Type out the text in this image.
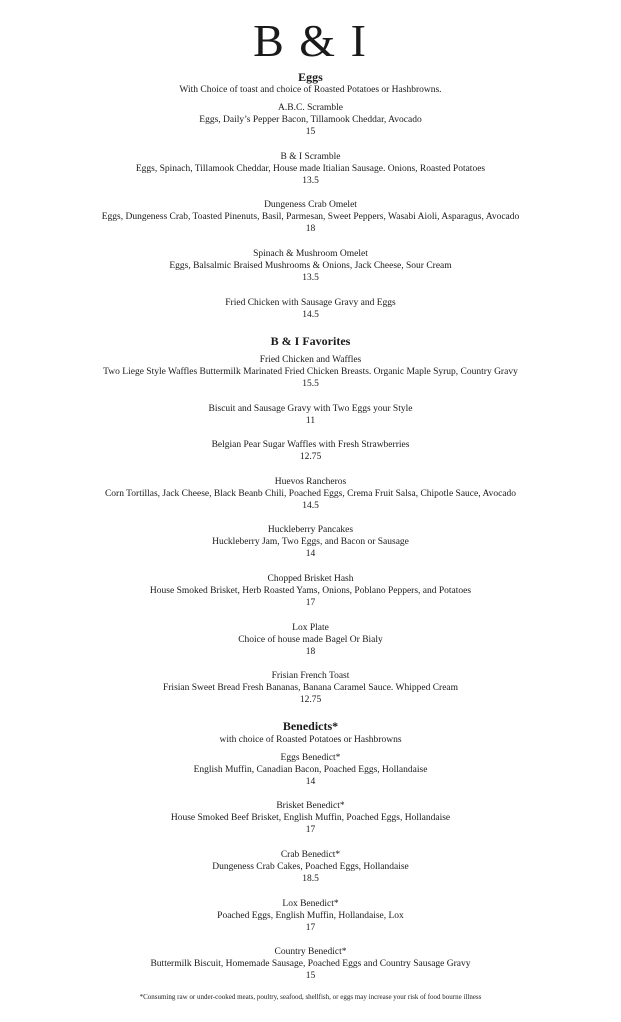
B & I
Eggs
With Choice of toast and choice of Roasted Potatoes or Hashbrowns.
A.B.C. Scramble
Eggs, Daily’s Pepper Bacon, Tillamook Cheddar, Avocado
15
B & I Scramble
Eggs, Spinach, Tillamook Cheddar, House made Itialian Sausage. Onions, Roasted Potatoes
13.5
Dungeness Crab Omelet
Eggs, Dungeness Crab, Toasted Pinenuts, Basil, Parmesan, Sweet Peppers, Wasabi Aioli, Asparagus, Avocado
18
Spinach & Mushroom Omelet
Eggs, Balsalmic Braised Mushrooms & Onions, Jack Cheese, Sour Cream
13.5
Fried Chicken with Sausage Gravy and Eggs
14.5
B & I Favorites
Fried Chicken and Waffles
Two Liege Style Waffles Buttermilk Marinated Fried Chicken Breasts. Organic Maple Syrup, Country Gravy
15.5
Biscuit and Sausage Gravy with Two Eggs your Style
11
Belgian Pear Sugar Waffles with Fresh Strawberries
12.75
Huevos Rancheros
Corn Tortillas, Jack Cheese, Black Beanb Chili, Poached Eggs, Crema Fruit Salsa, Chipotle Sauce, Avocado
14.5
Huckleberry Pancakes
Huckleberry Jam, Two Eggs, and Bacon or Sausage
14
Chopped Brisket Hash
House Smoked Brisket, Herb Roasted Yams, Onions, Poblano Peppers, and Potatoes
17
Lox Plate
Choice of house made Bagel Or Bialy
18
Frisian French Toast
Frisian Sweet Bread Fresh Bananas, Banana Caramel Sauce. Whipped Cream
12.75
Benedicts*
with choice of Roasted Potatoes or Hashbrowns
Eggs Benedict*
English Muffin, Canadian Bacon, Poached Eggs, Hollandaise
14
Brisket Benedict*
House Smoked Beef Brisket, English Muffin, Poached Eggs, Hollandaise
17
Crab Benedict*
Dungeness Crab Cakes, Poached Eggs, Hollandaise
18.5
Lox Benedict*
Poached Eggs, English Muffin, Hollandaise, Lox
17
Country Benedict*
Buttermilk Biscuit, Homemade Sausage, Poached Eggs and Country Sausage Gravy
15
*Consuming raw or under-cooked meats, poultry, seafood, shellfish, or eggs may increase your risk of food bourne illness
